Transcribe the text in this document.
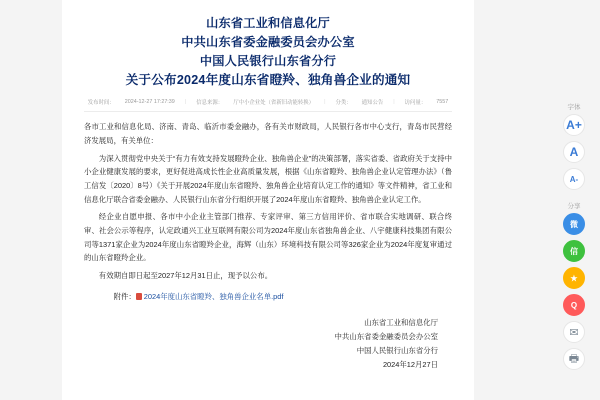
山东省工业和信息化厅
中共山东省委金融委员会办公室
中国人民银行山东省分行
关于公布2024年度山东省瞪羚、独角兽企业的通知
发布时间： 2024-12-27 17:27:39 | 信息来源： 厅中小企业处（省新旧动能转换） | 分类： 通知公告 | 访问量： 7557

各市工业和信息化局、济南、青岛、临沂市委金融办，各有关市财政局，人民银行各市中心支行，青岛市民营经济发展局，有关单位：

为深入贯彻党中央关于“有力有效支持发展瞪羚企业、独角兽企业”的决策部署，落实省委、省政府关于支持中小企业健康发展的要求，更好促进高成长性企业高质量发展，根据《山东省瞪羚、独角兽企业认定管理办法》（鲁工信发〔2020〕8号）《关于开展2024年度山东省瞪羚、独角兽企业培育认定工作的通知》等文件精神，省工业和信息化厅联合省委金融办、人民银行山东省分行组织开展了2024年度山东省瞪羚、独角兽企业认定工作。

经企业自愿申报、各市中小企业主管部门推荐、专家评审、第三方信用评价、省市联合实地调研、联合终审、社会公示等程序，认定政通兴工业互联网有限公司为2024年度山东省独角兽企业、八宇健康科技集团有限公司等1371家企业为2024年度山东省瞪羚企业，海辉（山东）环境科技有限公司等326家企业为2024年度复审通过的山东省瞪羚企业。

有效期自即日起至2027年12月31日止，现予以公布。

附件： 2024年度山东省瞪羚、独角兽企业名单.pdf
山东省工业和信息化厅
中共山东省委金融委员会办公室
中国人民银行山东省分行
2024年12月27日
字体
A+
A
A-
分享
微
信
★
Q
✉
🖶
